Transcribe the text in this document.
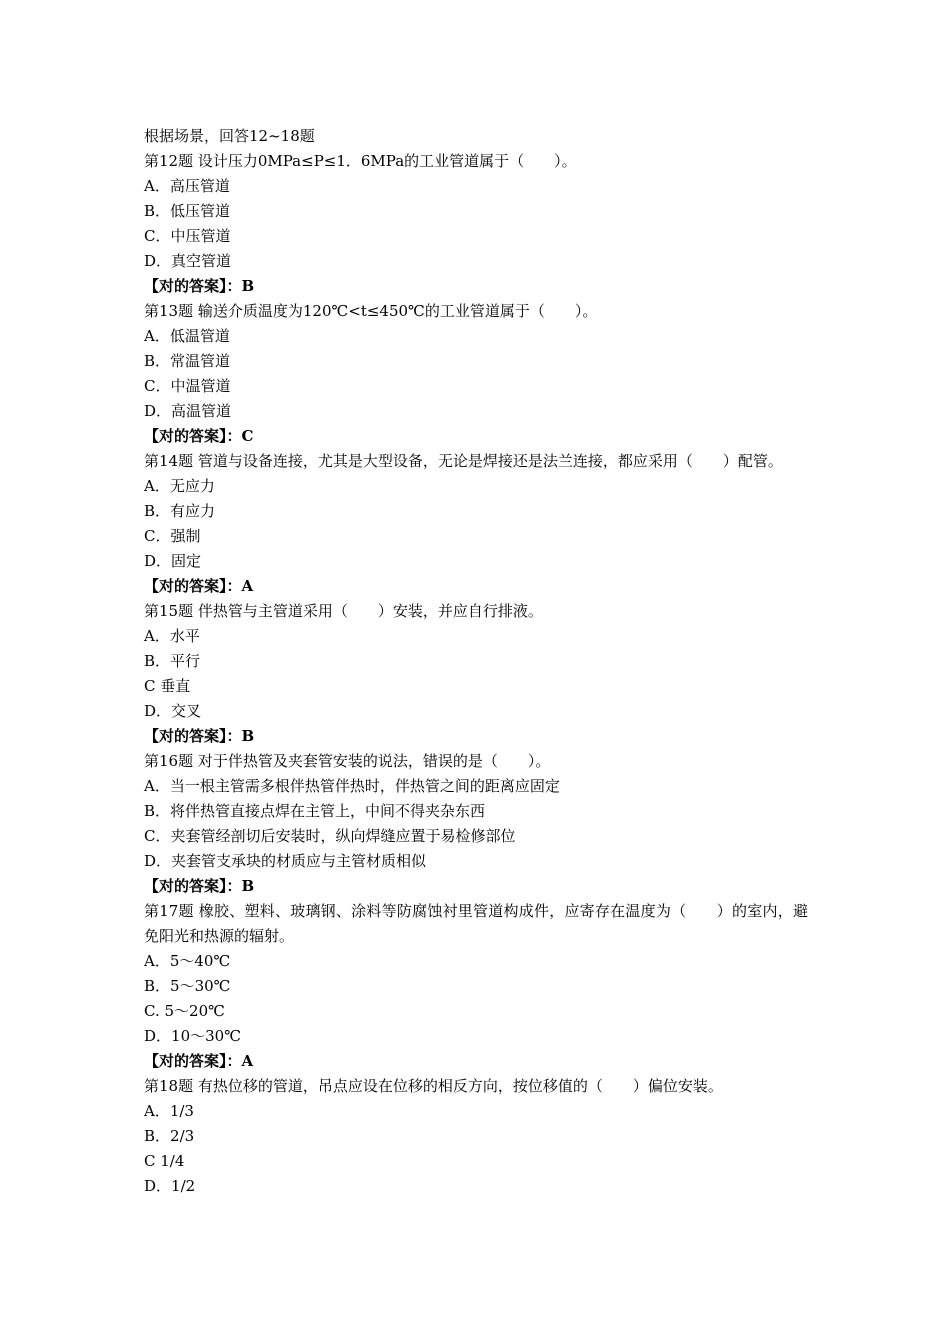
根据场景，回答12~18题
第12题 设计压力0MPa≤P≤1．6MPa的工业管道属于（　　）。
A．高压管道
B．低压管道
C．中压管道
D．真空管道
【对的答案】：B
第13题 输送介质温度为120℃<t≤450℃的工业管道属于（　　）。
A．低温管道
B．常温管道
C．中温管道
D．高温管道
【对的答案】：C
第14题 管道与设备连接，尤其是大型设备，无论是焊接还是法兰连接，都应采用（　　）配管。
A．无应力
B．有应力
C．强制
D．固定
【对的答案】：A
第15题 伴热管与主管道采用（　　）安装，并应自行排液。
A．水平
B．平行
C 垂直
D．交叉
【对的答案】：B
第16题 对于伴热管及夹套管安装的说法，错误的是（　　）。
A．当一根主管需多根伴热管伴热时，伴热管之间的距离应固定
B．将伴热管直接点焊在主管上，中间不得夹杂东西
C．夹套管经剖切后安装时，纵向焊缝应置于易检修部位
D．夹套管支承块的材质应与主管材质相似
【对的答案】：B
第17题 橡胶、塑料、玻璃钢、涂料等防腐蚀衬里管道构成件，应寄存在温度为（　　）的室内，避免阳光和热源的辐射。
A．5～40℃
B．5～30℃
C. 5～20℃
D．10～30℃
【对的答案】：A
第18题 有热位移的管道，吊点应设在位移的相反方向，按位移值的（　　）偏位安装。
A．1/3
B．2/3
C 1/4
D．1/2
